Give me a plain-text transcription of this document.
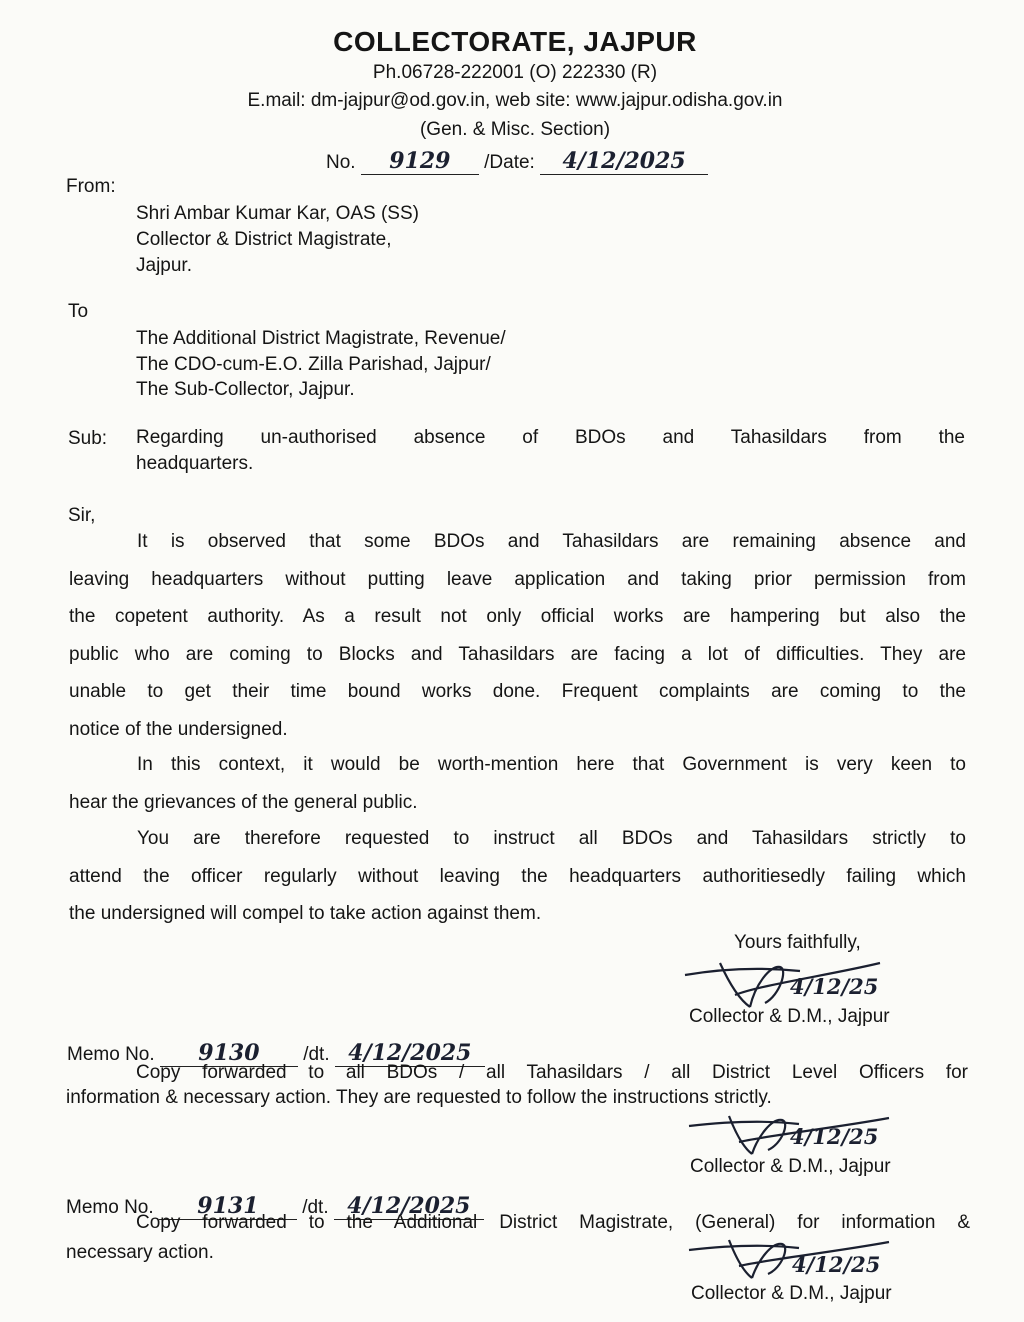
COLLECTORATE, JAJPUR
Ph.06728-222001 (O) 222330 (R)
E.mail: dm-jajpur@od.gov.in, web site: www.jajpur.odisha.gov.in
(Gen. & Misc. Section)
No. 9129 /Date: 4/12/2025
From:
Shri Ambar Kumar Kar, OAS (SS)
Collector & District Magistrate,
Jajpur.
To
The Additional District Magistrate, Revenue/
The CDO-cum-E.O. Zilla Parishad, Jajpur/
The Sub-Collector, Jajpur.
Sub: Regarding un-authorised absence of BDOs and Tahasildars from the
headquarters.
Sir,
It is observed that some BDOs and Tahasildars are remaining absence and
leaving headquarters without putting leave application and taking prior permission from
the copetent authority. As a result not only official works are hampering but also the
public who are coming to Blocks and Tahasildars are facing a lot of difficulties. They are
unable to get their time bound works done. Frequent complaints are coming to the
notice of the undersigned.
In this context, it would be worth-mention here that Government is very keen to
hear the grievances of the general public.
You are therefore requested to instruct all BDOs and Tahasildars strictly to
attend the officer regularly without leaving the headquarters authoritiesedly failing which
the undersigned will compel to take action against them.
Yours faithfully,
4/12/25
Collector & D.M., Jajpur
Memo No. 9130 /dt. 4/12/2025
Copy forwarded to all BDOs / all Tahasildars / all District Level Officers for
information & necessary action. They are requested to follow the instructions strictly.
4/12/25
Collector & D.M., Jajpur
Memo No. 9131 /dt. 4/12/2025
Copy forwarded to the Additional District Magistrate, (General) for information &
necessary action.	4/12/25
Collector & D.M., Jajpur
